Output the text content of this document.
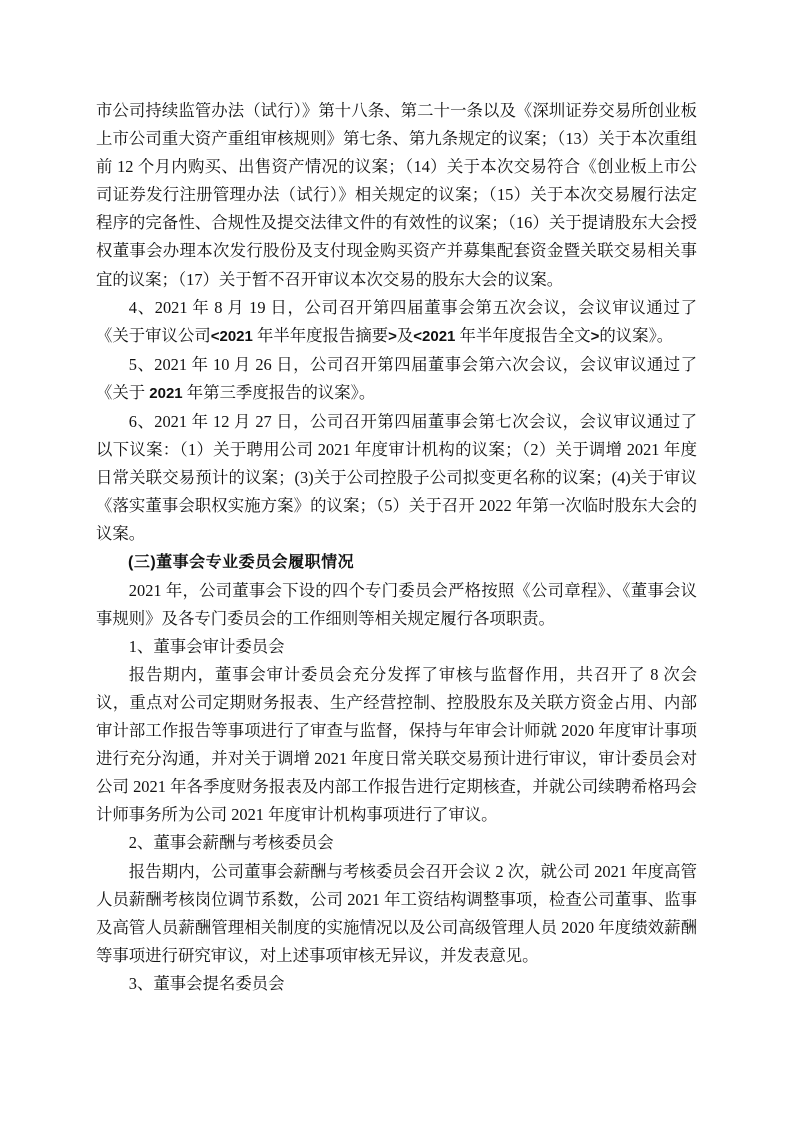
市公司持续监管办法（试行）》第十八条、第二十一条以及《深圳证券交易所创业板上市公司重大资产重组审核规则》第七条、第九条规定的议案；（13）关于本次重组前 12 个月内购买、出售资产情况的议案；（14）关于本次交易符合《创业板上市公司证券发行注册管理办法（试行）》相关规定的议案；（15）关于本次交易履行法定程序的完备性、合规性及提交法律文件的有效性的议案；（16）关于提请股东大会授权董事会办理本次发行股份及支付现金购买资产并募集配套资金暨关联交易相关事宜的议案；（17）关于暂不召开审议本次交易的股东大会的议案。

4、2021 年 8 月 19 日，公司召开第四届董事会第五次会议，会议审议通过了《关于审议公司<2021 年半年度报告摘要>及<2021 年半年度报告全文>的议案》。

5、2021 年 10 月 26 日，公司召开第四届董事会第六次会议，会议审议通过了《关于 2021 年第三季度报告的议案》。

6、2021 年 12 月 27 日，公司召开第四届董事会第七次会议，会议审议通过了以下议案：（1）关于聘用公司 2021 年度审计机构的议案；（2）关于调增 2021 年度日常关联交易预计的议案；(3)关于公司控股子公司拟变更名称的议案；(4)关于审议《落实董事会职权实施方案》的议案；（5）关于召开 2022 年第一次临时股东大会的议案。

(三)董事会专业委员会履职情况

2021 年，公司董事会下设的四个专门委员会严格按照《公司章程》、《董事会议事规则》及各专门委员会的工作细则等相关规定履行各项职责。

1、董事会审计委员会

报告期内，董事会审计委员会充分发挥了审核与监督作用，共召开了 8 次会议，重点对公司定期财务报表、生产经营控制、控股股东及关联方资金占用、内部审计部工作报告等事项进行了审查与监督，保持与年审会计师就 2020 年度审计事项进行充分沟通，并对关于调增 2021 年度日常关联交易预计进行审议，审计委员会对公司 2021 年各季度财务报表及内部工作报告进行定期核查，并就公司续聘希格玛会计师事务所为公司 2021 年度审计机构事项进行了审议。

2、董事会薪酬与考核委员会

报告期内，公司董事会薪酬与考核委员会召开会议 2 次，就公司 2021 年度高管人员薪酬考核岗位调节系数，公司 2021 年工资结构调整事项，检查公司董事、监事及高管人员薪酬管理相关制度的实施情况以及公司高级管理人员 2020 年度绩效薪酬等事项进行研究审议，对上述事项审核无异议，并发表意见。

3、董事会提名委员会
